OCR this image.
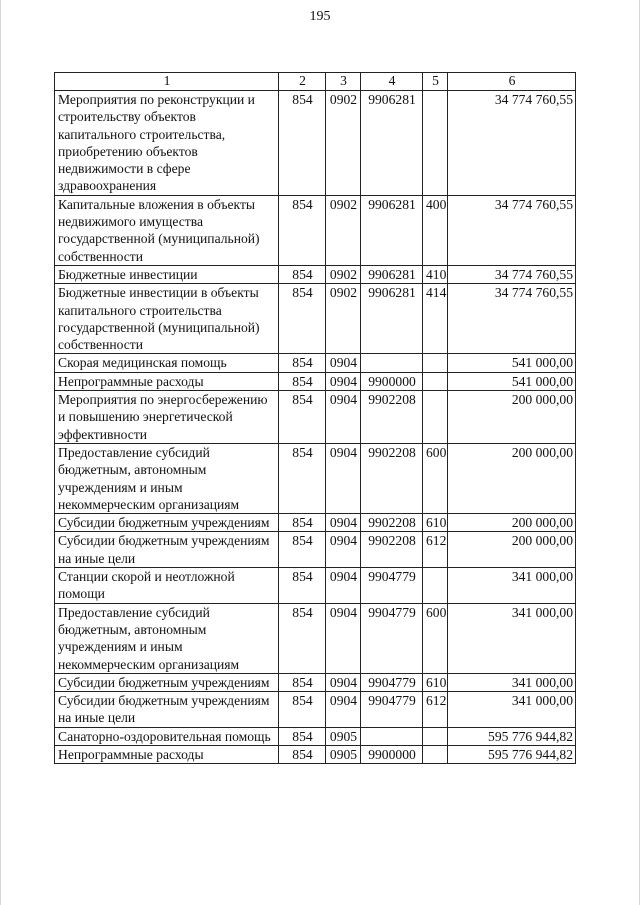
195
1	2	3	4	5	6
Мероприятия по реконструкции и строительству объектов капитального строительства, приобретению объектов недвижимости в сфере здравоохранения	854	0902	9906281		34 774 760,55
Капитальные вложения в объекты недвижимого имущества государственной (муниципальной) собственности	854	0902	9906281	400	34 774 760,55
Бюджетные инвестиции	854	0902	9906281	410	34 774 760,55
Бюджетные инвестиции в объекты капитального строительства государственной (муниципальной) собственности	854	0902	9906281	414	34 774 760,55
Скорая медицинская помощь	854	0904			541 000,00
Непрограммные расходы	854	0904	9900000		541 000,00
Мероприятия по энергосбережению и повышению энергетической эффективности	854	0904	9902208		200 000,00
Предоставление субсидий бюджетным, автономным учреждениям и иным некоммерческим организациям	854	0904	9902208	600	200 000,00
Субсидии бюджетным учреждениям	854	0904	9902208	610	200 000,00
Субсидии бюджетным учреждениям на иные цели	854	0904	9902208	612	200 000,00
Станции скорой и неотложной помощи	854	0904	9904779		341 000,00
Предоставление субсидий бюджетным, автономным учреждениям и иным некоммерческим организациям	854	0904	9904779	600	341 000,00
Субсидии бюджетным учреждениям	854	0904	9904779	610	341 000,00
Субсидии бюджетным учреждениям на иные цели	854	0904	9904779	612	341 000,00
Санаторно-оздоровительная помощь	854	0905			595 776 944,82
Непрограммные расходы	854	0905	9900000		595 776 944,82
